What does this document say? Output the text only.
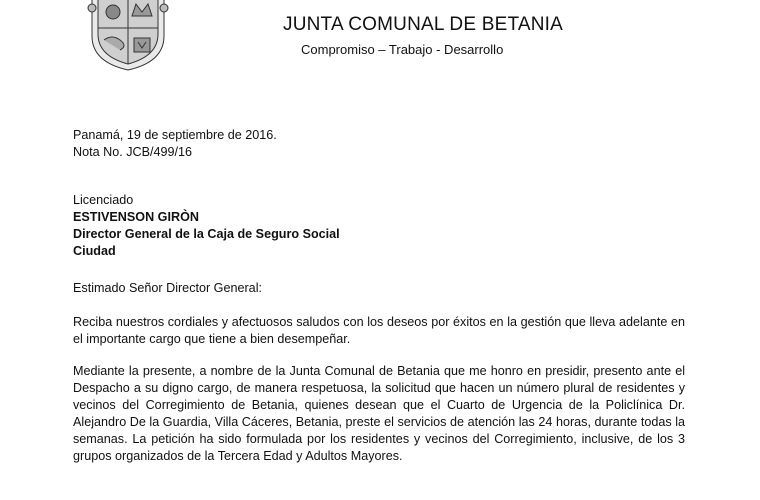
JUNTA COMUNAL DE BETANIA
Compromiso – Trabajo - Desarrollo
Panamá, 19 de septiembre de 2016.
Nota No. JCB/499/16
Licenciado
ESTIVENSON GIRÒN
Director General de la Caja de Seguro Social
Ciudad
Estimado Señor Director General:
Reciba nuestros cordiales y afectuosos saludos con los deseos por éxitos en la gestión que lleva adelante en el importante cargo que tiene a bien desempeñar.
Mediante la presente, a nombre de la Junta Comunal de Betania que me honro en presidir, presento ante el Despacho a su digno cargo, de manera respetuosa, la solicitud que hacen un número plural de residentes y vecinos del Corregimiento de Betania, quienes desean que el Cuarto de Urgencia de la Policlínica Dr. Alejandro De la Guardia, Villa Cáceres, Betania, preste el servicios de atención las 24 horas, durante todas la semanas. La petición ha sido formulada por los residentes y vecinos del Corregimiento, inclusive, de los 3 grupos organizados de la Tercera Edad y Adultos Mayores.
